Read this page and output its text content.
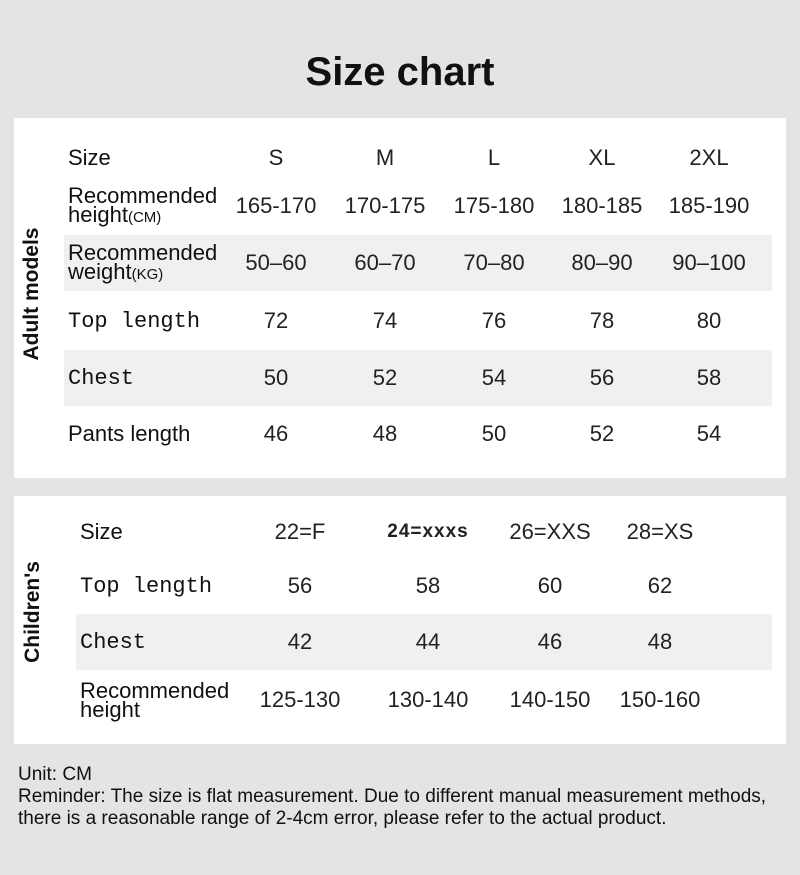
Size chart
Adult models
Size	S	M	L	XL	2XL
Recommended
height(CM)	165-170	170-175	175-180	180-185	185-190
Recommended
weight(KG)	50–60	60–70	70–80	80–90	90–100
Top length	72	74	76	78	80
Chest	50	52	54	56	58
Pants length	46	48	50	52	54
Children's
Size	22=F	24=xxxs	26=XXS	28=XS
Top length	56	58	60	62
Chest	42	44	46	48
Recommended
height	125-130	130-140	140-150	150-160
Unit: CM
Reminder: The size is flat measurement. Due to different manual measurement methods, there is a reasonable range of 2-4cm error, please refer to the actual product.
